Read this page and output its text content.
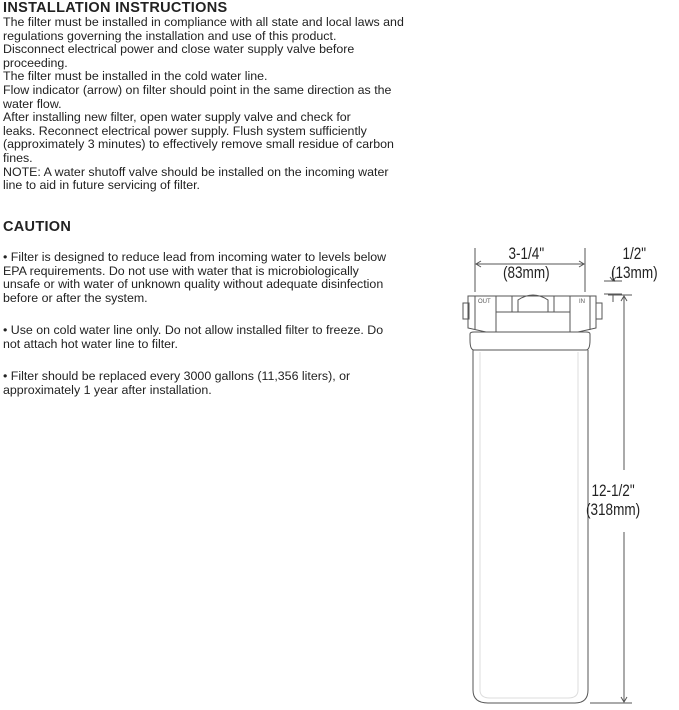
INSTALLATION INSTRUCTIONS

The filter must be installed in compliance with all state and local laws and

regulations governing the installation and use of this product.

Disconnect electrical power and close water supply valve before

proceeding.

The filter must be installed in the cold water line.

Flow indicator (arrow) on filter should point in the same direction as the

water flow.

After installing new filter, open water supply valve and check for

leaks. Reconnect electrical power supply. Flush system sufficiently

(approximately 3 minutes) to effectively remove small residue of carbon

fines.

NOTE: A water shutoff valve should be installed on the incoming water

line to aid in future servicing of filter.

CAUTION
• Filter is designed to reduce lead from incoming water to levels below
EPA requirements. Do not use with water that is microbiologically
unsafe or with water of unknown quality without adequate disinfection
before or after the system.
• Use on cold water line only. Do not allow installed filter to freeze. Do
not attach hot water line to filter.
• Filter should be replaced every 3000 gallons (11,356 liters), or
approximately 1 year after installation.
OUT	IN
3-1/4"
(83mm)
1/2"
(13mm)
12-1/2"
(318mm)
